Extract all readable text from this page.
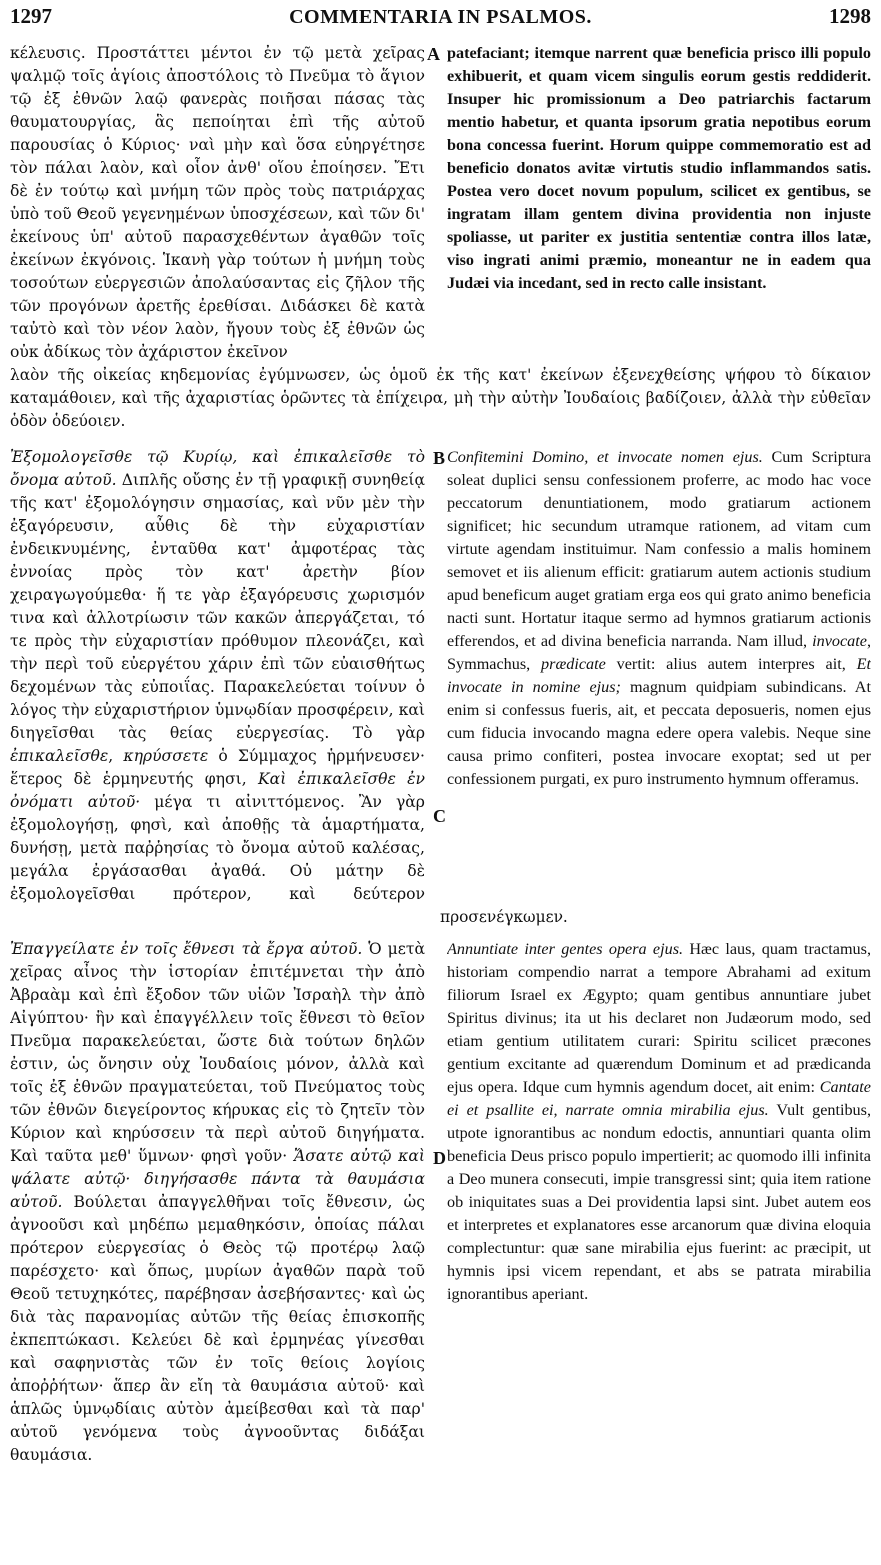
1297	COMMENTARIA IN PSALMOS.	1298

κέλευσις. Προστάττει μέντοι ἐν τῷ μετὰ χεῖρας ψαλμῷ τοῖς ἁγίοις ἀποστόλοις τὸ Πνεῦμα τὸ ἅγιον τῷ ἐξ ἐθνῶν λαῷ φανερὰς ποιῆσαι πάσας τὰς θαυματουργίας, ἃς πεποίηται ἐπὶ τῆς αὐτοῦ παρουσίας ὁ Κύριος· ναὶ μὴν καὶ ὅσα εὐηργέτησε τὸν πάλαι λαὸν, καὶ οἷον ἀνθ' οἵου ἐποίησεν. Ἔτι δὲ ἐν τούτῳ καὶ μνήμη τῶν πρὸς τοὺς πατριάρχας ὑπὸ τοῦ Θεοῦ γεγενημένων ὑποσχέσεων, καὶ τῶν δι' ἐκείνους ὑπ' αὐτοῦ παρασχεθέντων ἀγαθῶν τοῖς ἐκείνων ἐκγόνοις. Ἱκανὴ γὰρ τούτων ἡ μνήμη τοὺς τοσούτων εὐεργεσιῶν ἀπολαύσαντας εἰς ζῆλον τῆς τῶν προγόνων ἀρετῆς ἐρεθίσαι. Διδάσκει δὲ κατὰ ταὐτὸ καὶ τὸν νέον λαὸν, ἤγουν τοὺς ἐξ ἐθνῶν ὡς οὐκ ἀδίκως τὸν ἀχάριστον ἐκεῖνον

A patefaciant; itemque narrent quæ beneficia prisco illi populo exhibuerit, et quam vicem singulis eorum gestis reddiderit. Insuper hic promissionum a Deo patriarchis factarum mentio habetur, et quanta ipsorum gratia nepotibus eorum bona concessa fuerint. Horum quippe commemoratio est ad beneficio donatos avitæ virtutis studio inflammandos satis. Postea vero docet novum populum, scilicet ex gentibus, se ingratam illam gentem divina providentia non injuste spoliasse, ut pariter ex justitia sententiæ contra illos latæ, viso ingrati animi præmio, moneantur ne in eadem qua Judæi via incedant, sed in recto calle insistant.

λαὸν τῆς οἰκείας κηδεμονίας ἐγύμνωσεν, ὡς ὁμοῦ ἐκ τῆς κατ' ἐκείνων ἐξενεχθείσης ψήφου τὸ δίκαιον καταμάθοιεν, καὶ τῆς ἀχαριστίας ὁρῶντες τὰ ἐπίχειρα, μὴ τὴν αὐτὴν Ἰουδαίοις βαδίζοιεν, ἀλλὰ τὴν εὐθεῖαν ὁδὸν ὁδεύοιεν.

Ἐξομολογεῖσθε τῷ Κυρίῳ, καὶ ἐπικαλεῖσθε τὸ ὄνομα αὐτοῦ. Διπλῆς οὔσης ἐν τῇ γραφικῇ συνηθείᾳ τῆς κατ' ἐξομολόγησιν σημασίας, καὶ νῦν μὲν τὴν ἐξαγόρευσιν, αὖθις δὲ τὴν εὐχαριστίαν ἐνδεικνυμένης, ἐνταῦθα κατ' ἀμφοτέρας τὰς ἐννοίας πρὸς τὸν κατ' ἀρετὴν βίον χειραγωγούμεθα· ἥ τε γὰρ ἐξαγόρευσις χωρισμόν τινα καὶ ἀλλοτρίωσιν τῶν κακῶν ἀπεργάζεται, τό τε πρὸς τὴν εὐχαριστίαν πρόθυμον πλεονάζει, καὶ τὴν περὶ τοῦ εὐεργέτου χάριν ἐπὶ τῶν εὐαισθήτως δεχομένων τὰς εὐποιΐας. Παρακελεύεται τοίνυν ὁ λόγος τὴν εὐχαριστήριον ὑμνῳδίαν προσφέρειν, καὶ διηγεῖσθαι τὰς θείας εὐεργεσίας. Τὸ γὰρ ἐπικαλεῖσθε, κηρύσσετε ὁ Σύμμαχος ἡρμήνευσεν· ἕτερος δὲ ἑρμηνευτής φησι, Καὶ ἐπικαλεῖσθε ἐν ὀνόματι αὐτοῦ· μέγα τι αἰνιττόμενος. Ἂν γὰρ ἐξομολογήσῃ, φησὶ, καὶ ἀποθῇς τὰ ἁμαρτήματα, δυνήσῃ, μετὰ παῤῥησίας τὸ ὄνομα αὐτοῦ καλέσας, μεγάλα ἐργάσασθαι ἀγαθά. Οὐ μάτην δὲ ἐξομολογεῖσθαι πρότερον, καὶ δεύτερον

B
C

Confitemini Domino, et invocate nomen ejus. Cum Scriptura soleat duplici sensu confessionem proferre, ac modo hac voce peccatorum denuntiationem, modo gratiarum actionem significet; hic secundum utramque rationem, ad vitam cum virtute agendam instituimur. Nam confessio a malis hominem semovet et iis alienum efficit: gratiarum autem actionis studium apud beneficum auget gratiam erga eos qui grato animo beneficia nacti sunt. Hortatur itaque sermo ad hymnos gratiarum actionis efferendos, et ad divina beneficia narranda. Nam illud, invocate, Symmachus, prædicate vertit: alius autem interpres ait, Et invocate in nomine ejus; magnum quidpiam subindicans. At enim si confessus fueris, ait, et peccata deposueris, nomen ejus cum fiducia invocando magna edere opera valebis. Neque sine causa primo confiteri, postea invocare exoptat; sed ut per confessionem purgati, ex puro instrumento hymnum offeramus.

προσενέγκωμεν.

Ἐπαγγείλατε ἐν τοῖς ἔθνεσι τὰ ἔργα αὐτοῦ. Ὁ μετὰ χεῖρας αἶνος τὴν ἱστορίαν ἐπιτέμνεται τὴν ἀπὸ Ἀβραὰμ καὶ ἐπὶ ἔξοδον τῶν υἱῶν Ἰσραὴλ τὴν ἀπὸ Αἰγύπτου· ἣν καὶ ἐπαγγέλλειν τοῖς ἔθνεσι τὸ θεῖον Πνεῦμα παρακελεύεται, ὥστε διὰ τούτων δηλῶν ἐστιν, ὡς ὄνησιν οὐχ Ἰουδαίοις μόνον, ἀλλὰ καὶ τοῖς ἐξ ἐθνῶν πραγματεύεται, τοῦ Πνεύματος τοὺς τῶν ἐθνῶν διεγείροντος κήρυκας εἰς τὸ ζητεῖν τὸν Κύριον καὶ κηρύσσειν τὰ περὶ αὐτοῦ διηγήματα. Καὶ ταῦτα μεθ' ὕμνων· φησὶ γοῦν· Ἄσατε αὐτῷ καὶ ψάλατε αὐτῷ· διηγήσασθε πάντα τὰ θαυμάσια αὐτοῦ. Βούλεται ἀπαγγελθῆναι τοῖς ἔθνεσιν, ὡς ἀγνοοῦσι καὶ μηδέπω μεμαθηκόσιν, ὁποίας πάλαι πρότερον εὐεργεσίας ὁ Θεὸς τῷ προτέρῳ λαῷ παρέσχετο· καὶ ὅπως, μυρίων ἀγαθῶν παρὰ τοῦ Θεοῦ τετυχηκότες, παρέβησαν ἀσεβήσαντες· καὶ ὡς διὰ τὰς παρανομίας αὐτῶν τῆς θείας ἐπισκοπῆς ἐκπεπτώκασι. Κελεύει δὲ καὶ ἑρμηνέας γίνεσθαι καὶ σαφηνιστὰς τῶν ἐν τοῖς θείοις λογίοις ἀποῤῥήτων· ἅπερ ἂν εἴη τὰ θαυμάσια αὐτοῦ· καὶ ἁπλῶς ὑμνῳδίαις αὐτὸν ἀμείβεσθαι καὶ τὰ παρ' αὐτοῦ γενόμενα τοὺς ἀγνοοῦντας διδάξαι θαυμάσια.

D

Annuntiate inter gentes opera ejus. Hæc laus, quam tractamus, historiam compendio narrat a tempore Abrahami ad exitum filiorum Israel ex Ægypto; quam gentibus annuntiare jubet Spiritus divinus; ita ut his declaret non Judæorum modo, sed etiam gentium utilitatem curari: Spiritu scilicet præcones gentium excitante ad quærendum Dominum et ad prædicanda ejus opera. Idque cum hymnis agendum docet, ait enim: Cantate ei et psallite ei, narrate omnia mirabilia ejus. Vult gentibus, utpote ignorantibus ac nondum edoctis, annuntiari quanta olim beneficia Deus prisco populo impertierit; ac quomodo illi infinita a Deo munera consecuti, impie transgressi sint; quia item ratione ob iniquitates suas a Dei providentia lapsi sint. Jubet autem eos et interpretes et explanatores esse arcanorum quæ divina eloquia complectuntur: quæ sane mirabilia ejus fuerint: ac præcipit, ut hymnis ipsi vicem rependant, et abs se patrata mirabilia ignorantibus aperiant.
